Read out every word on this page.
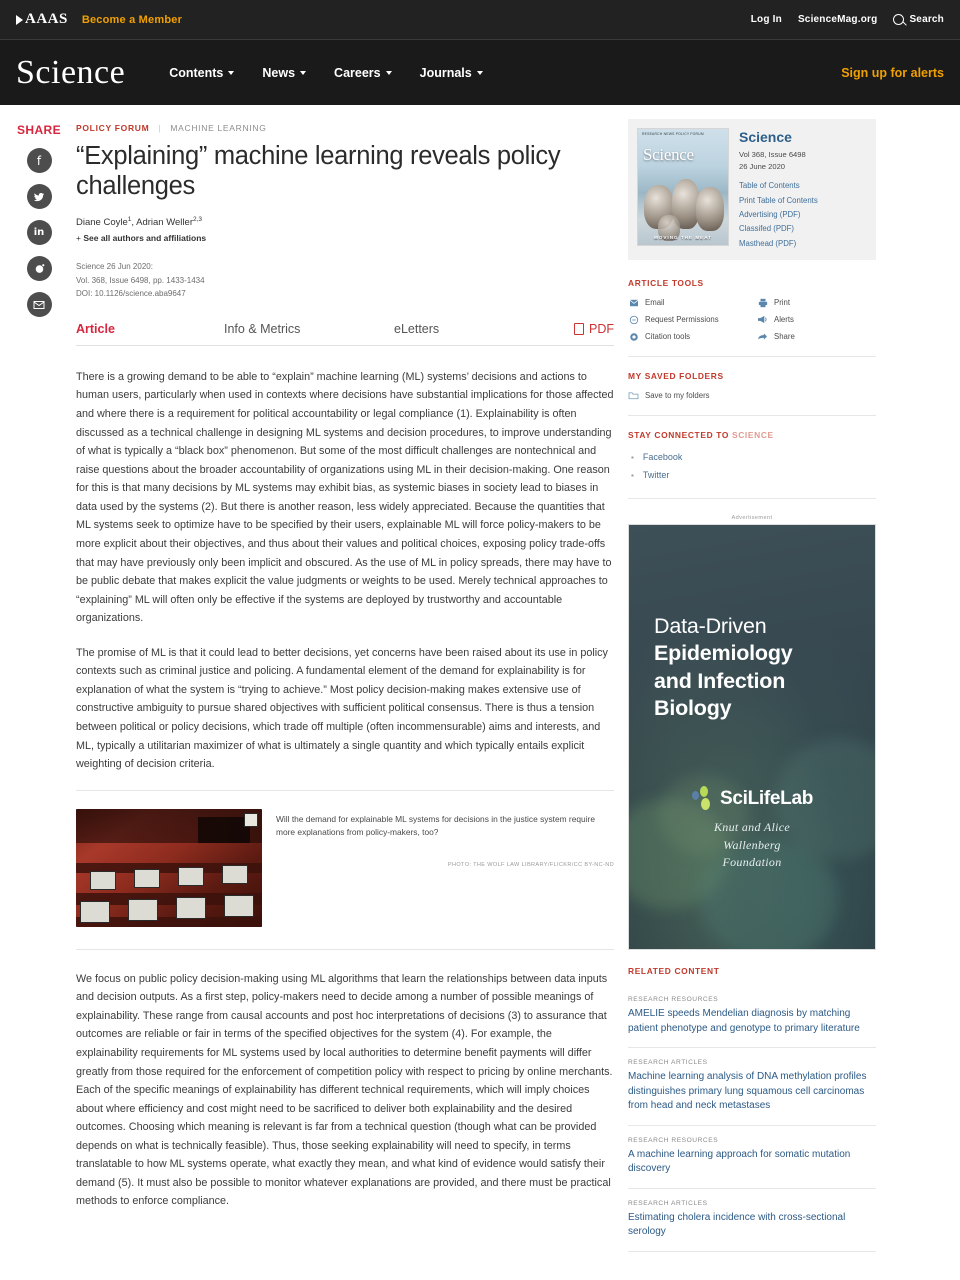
AAAS Become a Member	Log In ScienceMag.org	Search
Science	Contents	News	Careers	Journals	Sign up for alerts
SHARE
f
in
POLICY FORUM | MACHINE LEARNING
“Explaining” machine learning reveals policy challenges
Diane Coyle$^1$, Adrian Weller$^{2,3}$
+ See all authors and affiliations
Science 26 Jun 2020:
Vol. 368, Issue 6498, pp. 1433-1434
DOI: 10.1126/science.aba9647
Article	Info & Metrics	eLetters	PDF

There is a growing demand to be able to “explain” machine learning (ML) systems’ decisions and actions to human users, particularly when used in contexts where decisions have substantial implications for those affected and where there is a requirement for political accountability or legal compliance (1). Explainability is often discussed as a technical challenge in designing ML systems and decision procedures, to improve understanding of what is typically a “black box” phenomenon. But some of the most difficult challenges are nontechnical and raise questions about the broader accountability of organizations using ML in their decision-making. One reason for this is that many decisions by ML systems may exhibit bias, as systemic biases in society lead to biases in data used by the systems (2). But there is another reason, less widely appreciated. Because the quantities that ML systems seek to optimize have to be specified by their users, explainable ML will force policy-makers to be more explicit about their objectives, and thus about their values and political choices, exposing policy trade-offs that may have previously only been implicit and obscured. As the use of ML in policy spreads, there may have to be public debate that makes explicit the value judgments or weights to be used. Merely technical approaches to “explaining” ML will often only be effective if the systems are deployed by trustworthy and accountable organizations.

The promise of ML is that it could lead to better decisions, yet concerns have been raised about its use in policy contexts such as criminal justice and policing. A fundamental element of the demand for explainability is for explanation of what the system is “trying to achieve.” Most policy decision-making makes extensive use of constructive ambiguity to pursue shared objectives with sufficient political consensus. There is thus a tension between political or policy decisions, which trade off multiple (often incommensurable) aims and interests, and ML, typically a utilitarian maximizer of what is ultimately a single quantity and which typically entails explicit weighting of decision criteria.

Will the demand for explainable ML systems for decisions in the justice system require more explanations from policy-makers, too?
PHOTO: THE WOLF LAW LIBRARY/FLICKR/CC BY-NC-ND

We focus on public policy decision-making using ML algorithms that learn the relationships between data inputs and decision outputs. As a first step, policy-makers need to decide among a number of possible meanings of explainability. These range from causal accounts and post hoc interpretations of decisions (3) to assurance that outcomes are reliable or fair in terms of the specified objectives for the system (4). For example, the explainability requirements for ML systems used by local authorities to determine benefit payments will differ greatly from those required for the enforcement of competition policy with respect to pricing by online merchants. Each of the specific meanings of explainability has different technical requirements, which will imply choices about where efficiency and cost might need to be sacrificed to deliver both explainability and the desired outcomes. Choosing which meaning is relevant is far from a technical question (though what can be provided depends on what is technically feasible). Thus, those seeking explainability will need to specify, in terms translatable to how ML systems operate, what exactly they mean, and what kind of evidence would satisfy their demand (5). It must also be possible to monitor whatever explanations are provided, and there must be practical methods to enforce compliance.

RESEARCH NEWS POLICY FORUM
Science
MOVING THE MEAT
Science
Vol 368, Issue 6498
26 June 2020
Table of Contents
Print Table of Contents
Advertising (PDF)
Classifed (PDF)
Masthead (PDF)
ARTICLE TOOLS
Email	Print
Request Permissions	Alerts
Citation tools	Share
MY SAVED FOLDERS
Save to my folders
STAY CONNECTED TO SCIENCE
▪ Facebook
▪ Twitter
Advertisement
Data-Driven
Epidemiology
and Infection
Biology
SciLifeLab
Knut and Alice
Wallenberg
Foundation
RELATED CONTENT
RESEARCH RESOURCES
AMELIE speeds Mendelian diagnosis by matching patient phenotype and genotype to primary literature
RESEARCH ARTICLES
Machine learning analysis of DNA methylation profiles distinguishes primary lung squamous cell carcinomas from head and neck metastases
RESEARCH RESOURCES
A machine learning approach for somatic mutation discovery
RESEARCH ARTICLES
Estimating cholera incidence with cross-sectional serology
